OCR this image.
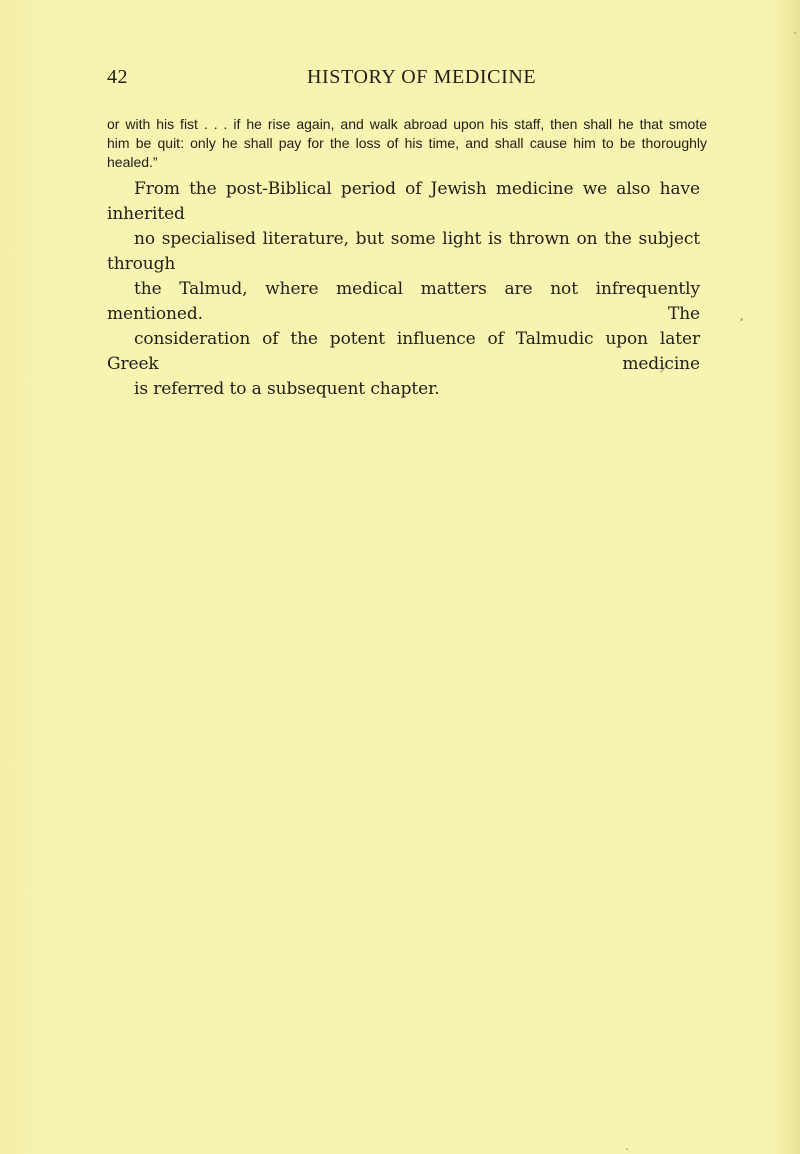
42	HISTORY OF MEDICINE
or with his fist . . . if he rise again, and walk abroad upon his staff, then shall he that smote
him be quit: only he shall pay for the loss of his time, and shall cause him to be thoroughly
healed.”
From the post-Biblical period of Jewish medicine we also have inherited
no specialised literature, but some light is thrown on the subject through
the Talmud, where medical matters are not infrequently mentioned. The
consideration of the potent influence of Talmudic upon later Greek medicine
is referred to a subsequent chapter.
